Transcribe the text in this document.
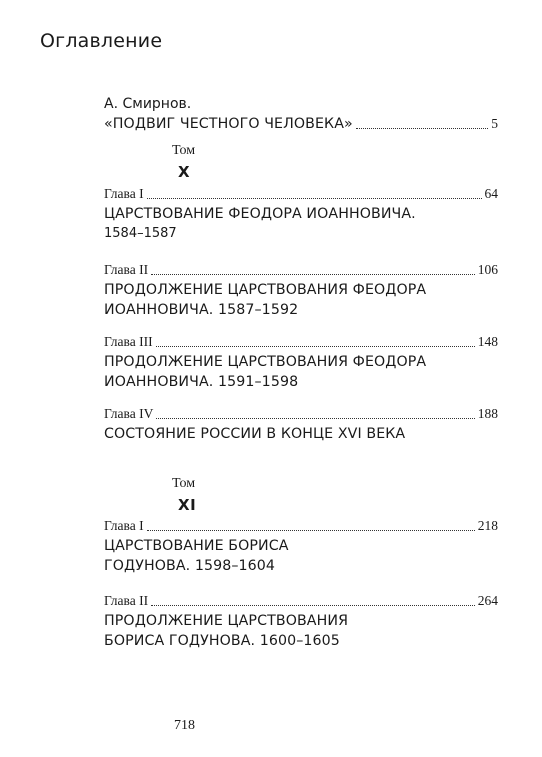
Оглавление
А. Смирнов.
«ПОДВИГ ЧЕСТНОГО ЧЕЛОВЕКА»	5
Том
X
Глава I	64
ЦАРСТВОВАНИЕ ФЕОДОРА ИОАННОВИЧА.
1584–1587
Глава II	106
ПРОДОЛЖЕНИЕ ЦАРСТВОВАНИЯ ФЕОДОРА
ИОАННОВИЧА. 1587–1592
Глава III	148
ПРОДОЛЖЕНИЕ ЦАРСТВОВАНИЯ ФЕОДОРА
ИОАННОВИЧА. 1591–1598
Глава IV	188
СОСТОЯНИЕ РОССИИ В КОНЦЕ XVI ВЕКА
Том
XI
Глава I	218
ЦАРСТВОВАНИЕ БОРИСА
ГОДУНОВА. 1598–1604
Глава II	264
ПРОДОЛЖЕНИЕ ЦАРСТВОВАНИЯ
БОРИСА ГОДУНОВА. 1600–1605
718
